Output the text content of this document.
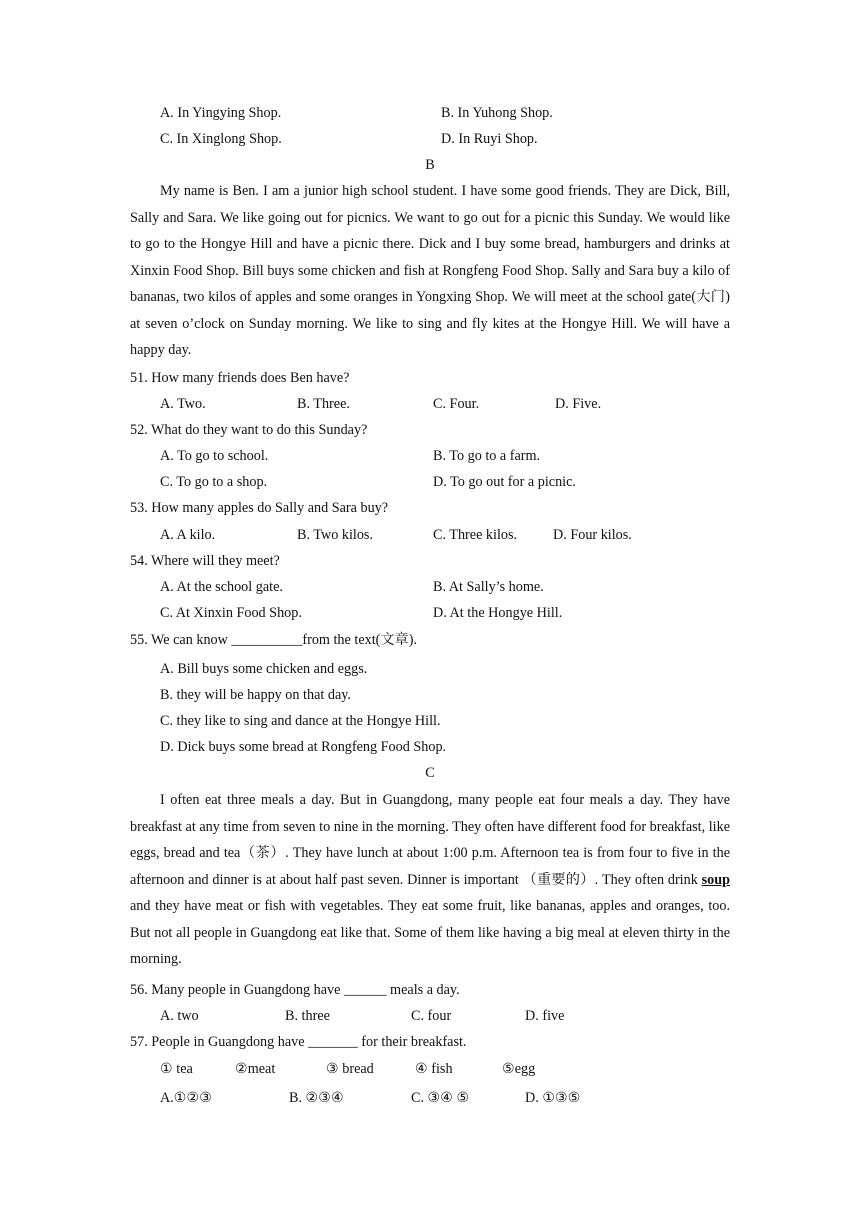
A. In Yingying Shop.	B. In Yuhong Shop.
C. In Xinglong Shop.	D. In Ruyi Shop.
B
My name is Ben. I am a junior high school student. I have some good friends. They are Dick, Bill, Sally and Sara. We like going out for picnics. We want to go out for a picnic this Sunday. We would like to go to the Hongye Hill and have a picnic there. Dick and I buy some bread, hamburgers and drinks at Xinxin Food Shop. Bill buys some chicken and fish at Rongfeng Food Shop. Sally and Sara buy a kilo of bananas, two kilos of apples and some oranges in Yongxing Shop. We will meet at the school gate(大门) at seven o’clock on Sunday morning. We like to sing and fly kites at the Hongye Hill. We will have a happy day.
51. How many friends does Ben have?
A. Two.	B. Three.	C. Four.	D. Five.
52. What do they want to do this Sunday?
A. To go to school.	B. To go to a farm.
C. To go to a shop.	D. To go out for a picnic.
53. How many apples do Sally and Sara buy?
A. A kilo.	B. Two kilos.	C. Three kilos.	D. Four kilos.
54. Where will they meet?
A. At the school gate.	B. At Sally’s home.
C. At Xinxin Food Shop.	D. At the Hongye Hill.
55. We can know __________from the text(文章).
A. Bill buys some chicken and eggs.
B. they will be happy on that day.
C. they like to sing and dance at the Hongye Hill.
D. Dick buys some bread at Rongfeng Food Shop.
C
I often eat three meals a day. But in Guangdong, many people eat four meals a day. They have breakfast at any time from seven to nine in the morning. They often have different food for breakfast, like eggs, bread and tea（茶）. They have lunch at about 1:00 p.m. Afternoon tea is from four to five in the afternoon and dinner is at about half past seven. Dinner is important （重要的）. They often drink soup and they have meat or fish with vegetables. They eat some fruit, like bananas, apples and oranges, too. But not all people in Guangdong eat like that. Some of them like having a big meal at eleven thirty in the morning.
56. Many people in Guangdong have ______ meals a day.
A. two	B. three	C. four	D. five
57. People in Guangdong have _______ for their breakfast.
① tea	②meat	③ bread	④ fish	⑤egg
A.①②③	B. ②③④	C. ③④ ⑤	D. ①③⑤
